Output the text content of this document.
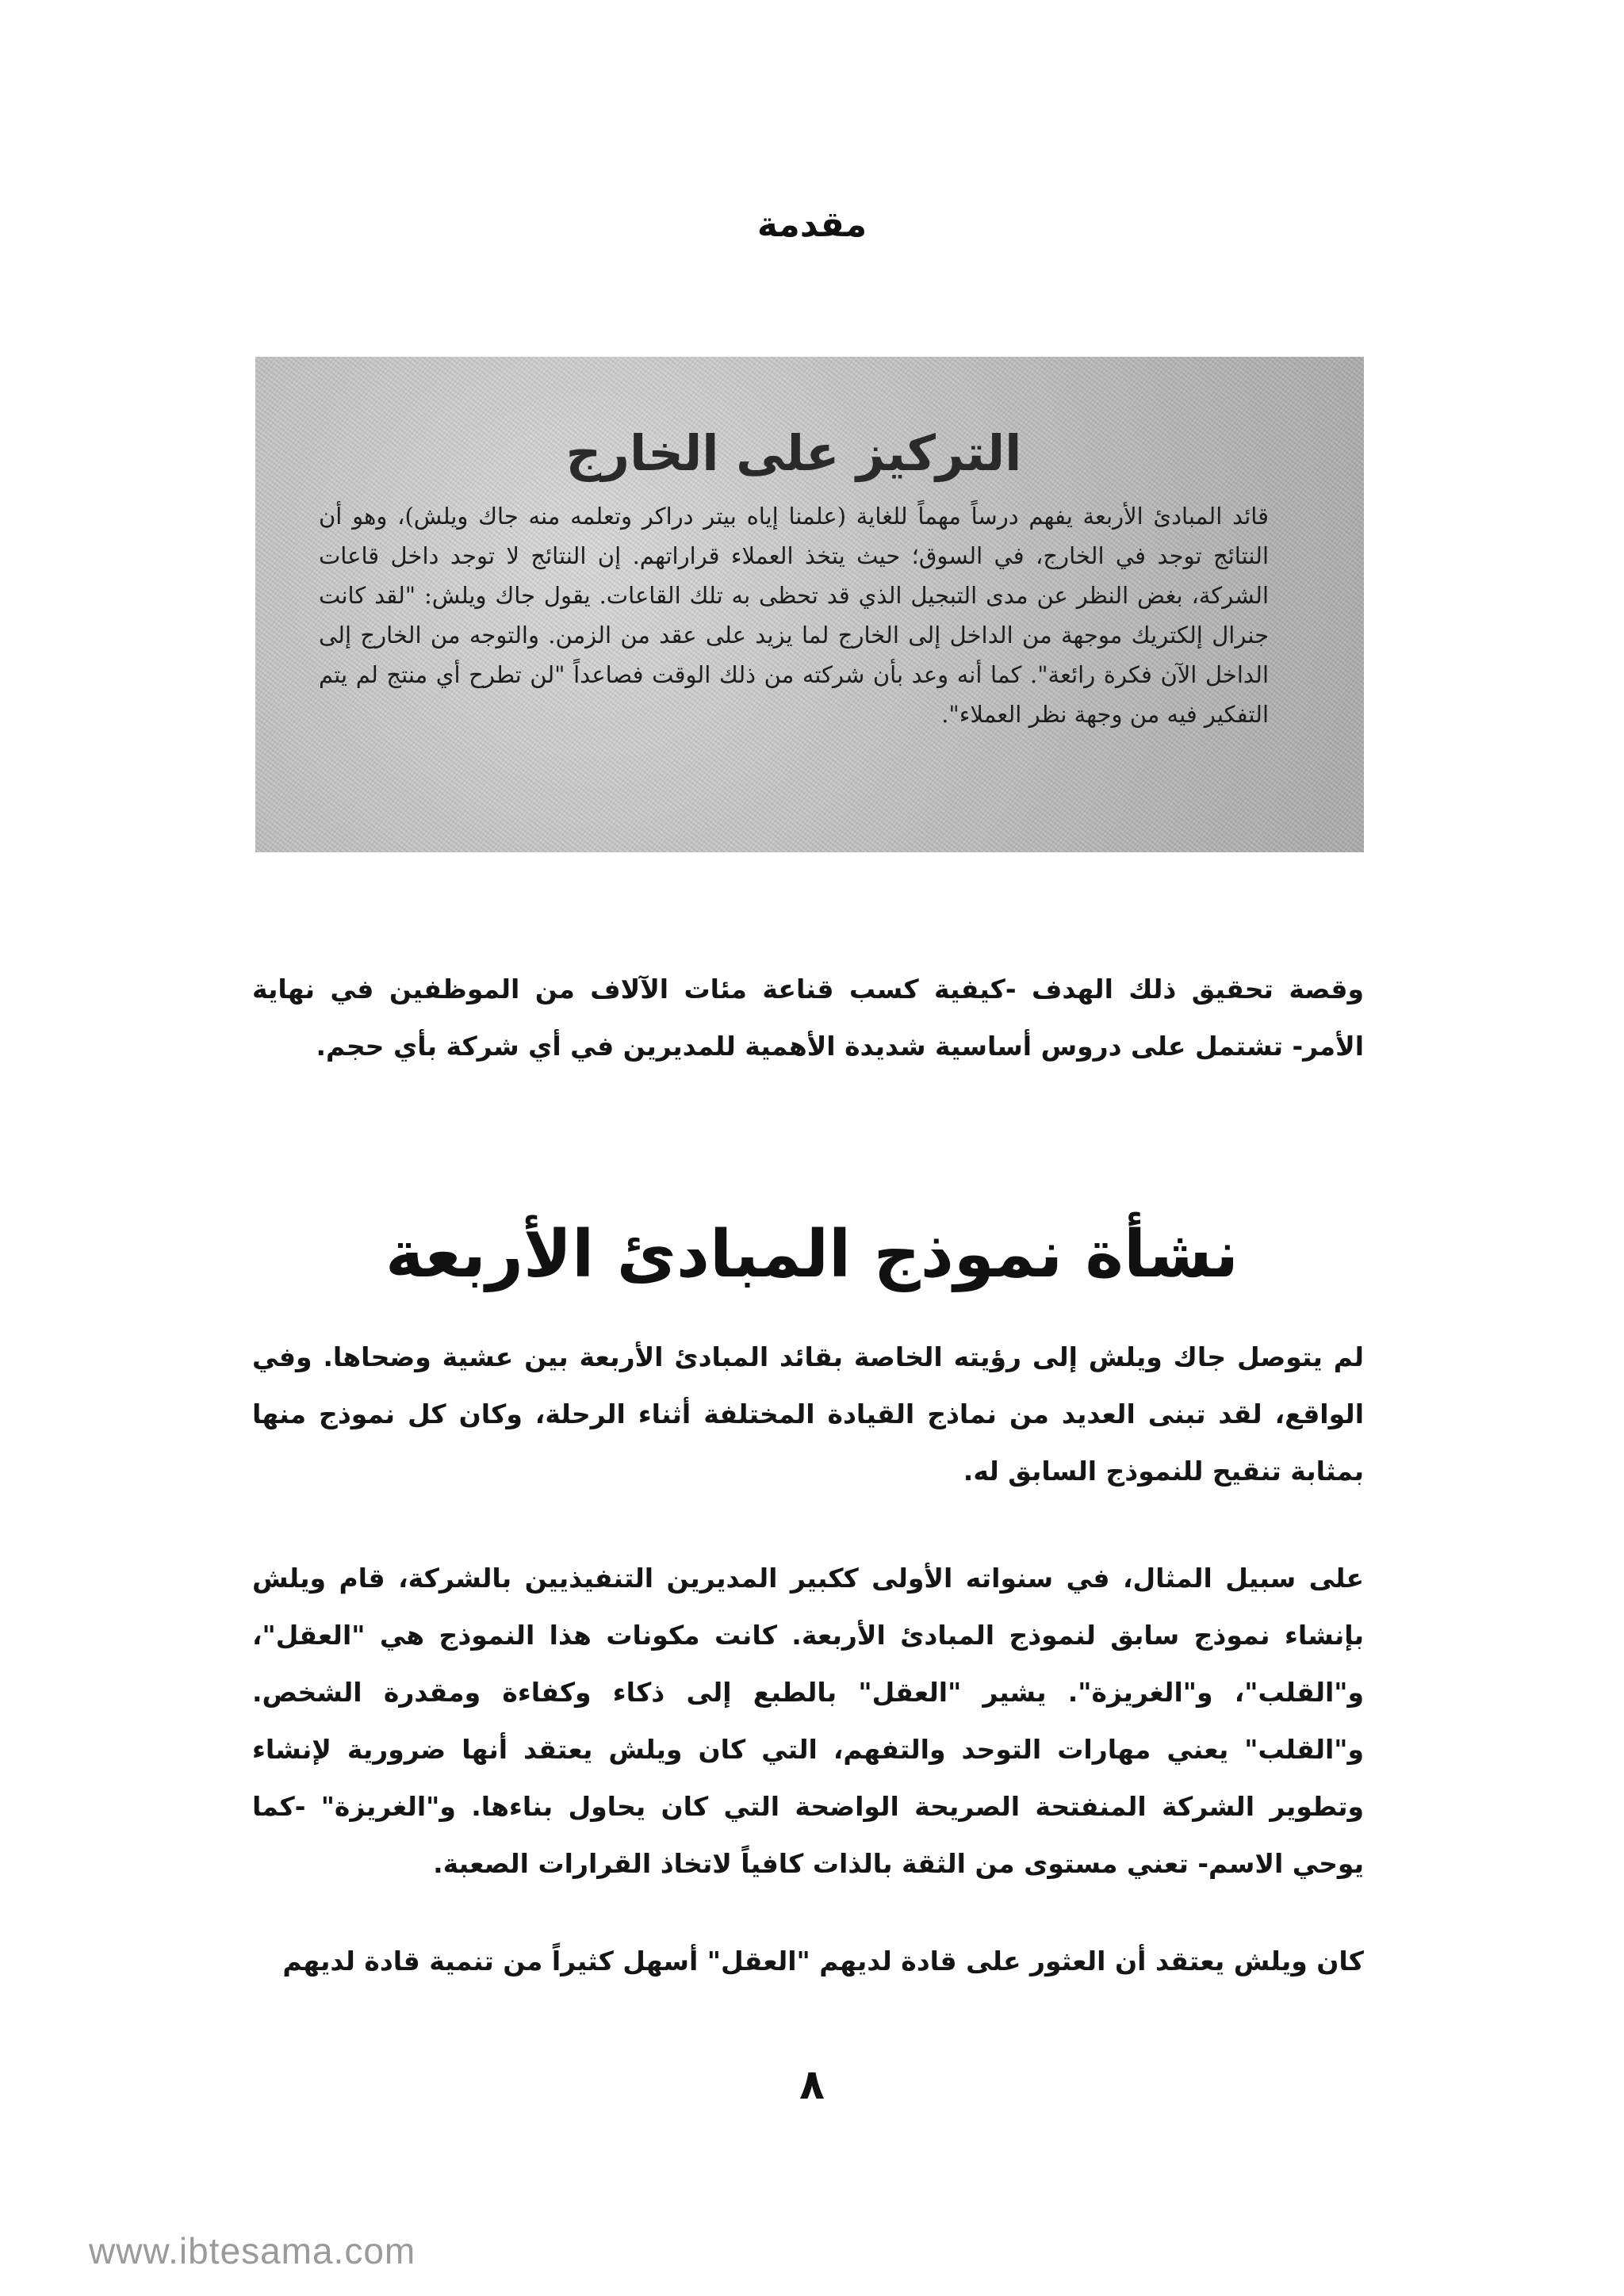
مقدمة
التركيز على الخارج
قائد المبادئ الأربعة يفهم درساً مهماً للغاية (علمنا إياه بيتر دراكر وتعلمه منه جاك ويلش)، وهو أن النتائج توجد في الخارج، في السوق؛ حيث يتخذ العملاء قراراتهم. إن النتائج لا توجد داخل قاعات الشركة، بغض النظر عن مدى التبجيل الذي قد تحظى به تلك القاعات. يقول جاك ويلش: "لقد كانت جنرال إلكتريك موجهة من الداخل إلى الخارج لما يزيد على عقد من الزمن. والتوجه من الخارج إلى الداخل الآن فكرة رائعة". كما أنه وعد بأن شركته من ذلك الوقت فصاعداً "لن تطرح أي منتج لم يتم التفكير فيه من وجهة نظر العملاء".

وقصة تحقيق ذلك الهدف -كيفية كسب قناعة مئات الآلاف من الموظفين في نهاية الأمر- تشتمل على دروس أساسية شديدة الأهمية للمديرين في أي شركة بأي حجم.

نشأة نموذج المبادئ الأربعة

لم يتوصل جاك ويلش إلى رؤيته الخاصة بقائد المبادئ الأربعة بين عشية وضحاها. وفي الواقع، لقد تبنى العديد من نماذج القيادة المختلفة أثناء الرحلة، وكان كل نموذج منها بمثابة تنقيح للنموذج السابق له.

على سبيل المثال، في سنواته الأولى ككبير المديرين التنفيذيين بالشركة، قام ويلش بإنشاء نموذج سابق لنموذج المبادئ الأربعة. كانت مكونات هذا النموذج هي "العقل"، و"القلب"، و"الغريزة". يشير "العقل" بالطبع إلى ذكاء وكفاءة ومقدرة الشخص. و"القلب" يعني مهارات التوحد والتفهم، التي كان ويلش يعتقد أنها ضرورية لإنشاء وتطوير الشركة المنفتحة الصريحة الواضحة التي كان يحاول بناءها. و"الغريزة" -كما يوحي الاسم- تعني مستوى من الثقة بالذات كافياً لاتخاذ القرارات الصعبة.

كان ويلش يعتقد أن العثور على قادة لديهم "العقل" أسهل كثيراً من تنمية قادة لديهم

٨
www.ibtesama.com
